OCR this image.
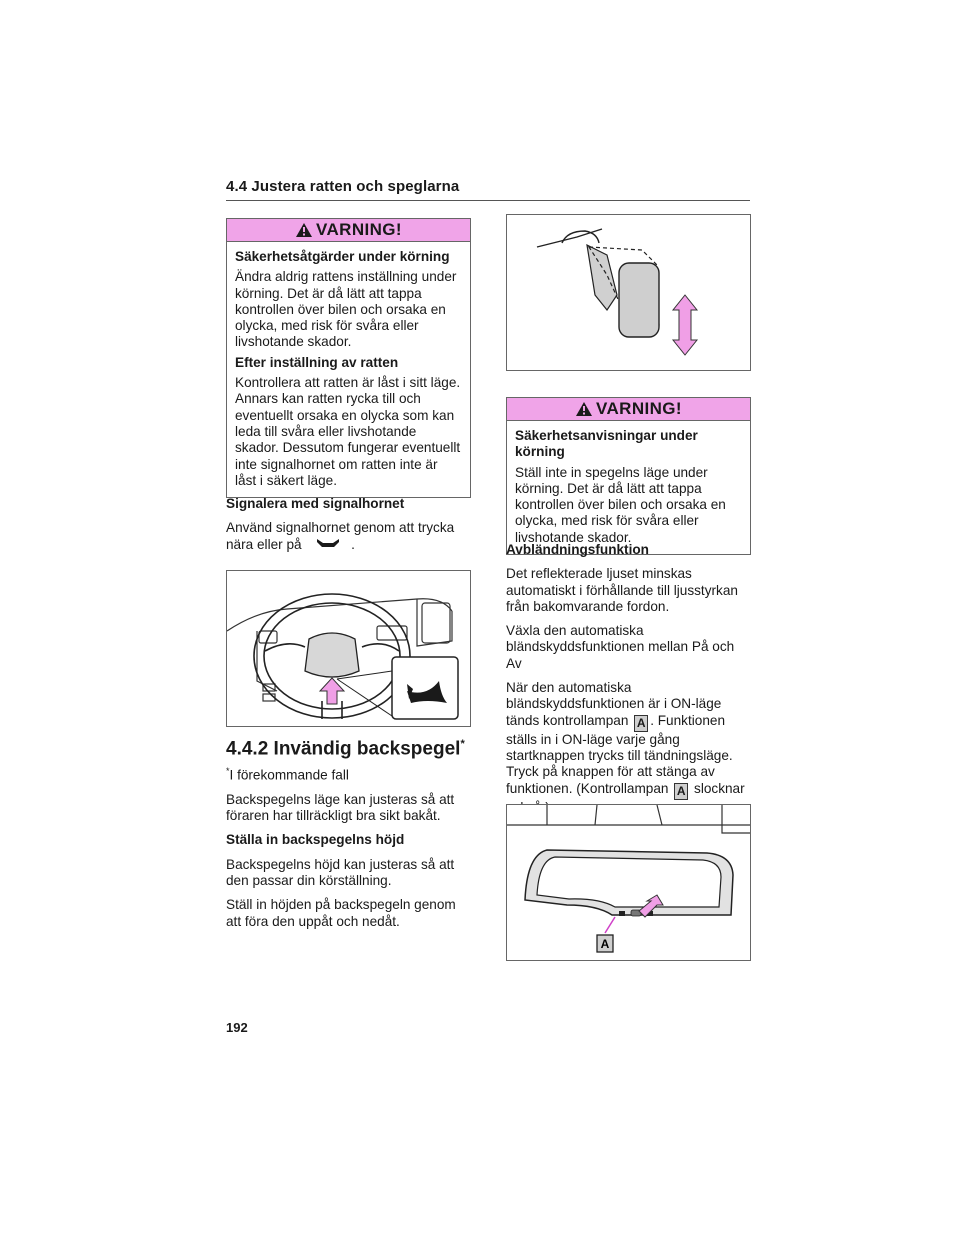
4.4 Justera ratten och speglarna
VARNING!
Säkerhetsåtgärder under körning

Ändra aldrig rattens inställning under körning. Det är då lätt att tappa kontrollen över bilen och orsaka en olycka, med risk för svåra eller livshotande skador.

Efter inställning av ratten

Kontrollera att ratten är låst i sitt läge. Annars kan ratten rycka till och eventuellt orsaka en olycka som kan leda till svåra eller livshotande skador. Dessutom fungerar eventuellt inte signalhornet om ratten inte är låst i säkert läge.

Signalera med signalhornet

Använd signalhornet genom att trycka nära eller på	.

4.4.2 Invändig backspegel*

*I förekommande fall

Backspegelns läge kan justeras så att föraren har tillräckligt bra sikt bakåt.

Ställa in backspegelns höjd

Backspegelns höjd kan justeras så att den passar din körställning.

Ställ in höjden på backspegeln genom att föra den uppåt och nedåt.

VARNING!
Säkerhetsanvisningar under körning

Ställ inte in spegelns läge under körning. Det är då lätt att tappa kontrollen över bilen och orsaka en olycka, med risk för svåra eller livshotande skador.

Avbländningsfunktion

Det reflekterade ljuset minskas automatiskt i förhållande till ljusstyrkan från bakomvarande fordon.

Växla den automatiska bländskyddsfunktionen mellan På och Av

När den automatiska bländskyddsfunktionen är i ON-läge tänds kontrollampan A . Funktionen ställs in i ON-läge varje gång startknappen trycks till tändningsläge. Tryck på knappen för att stänga av funktionen. (Kontrollampan A slocknar

A
192
